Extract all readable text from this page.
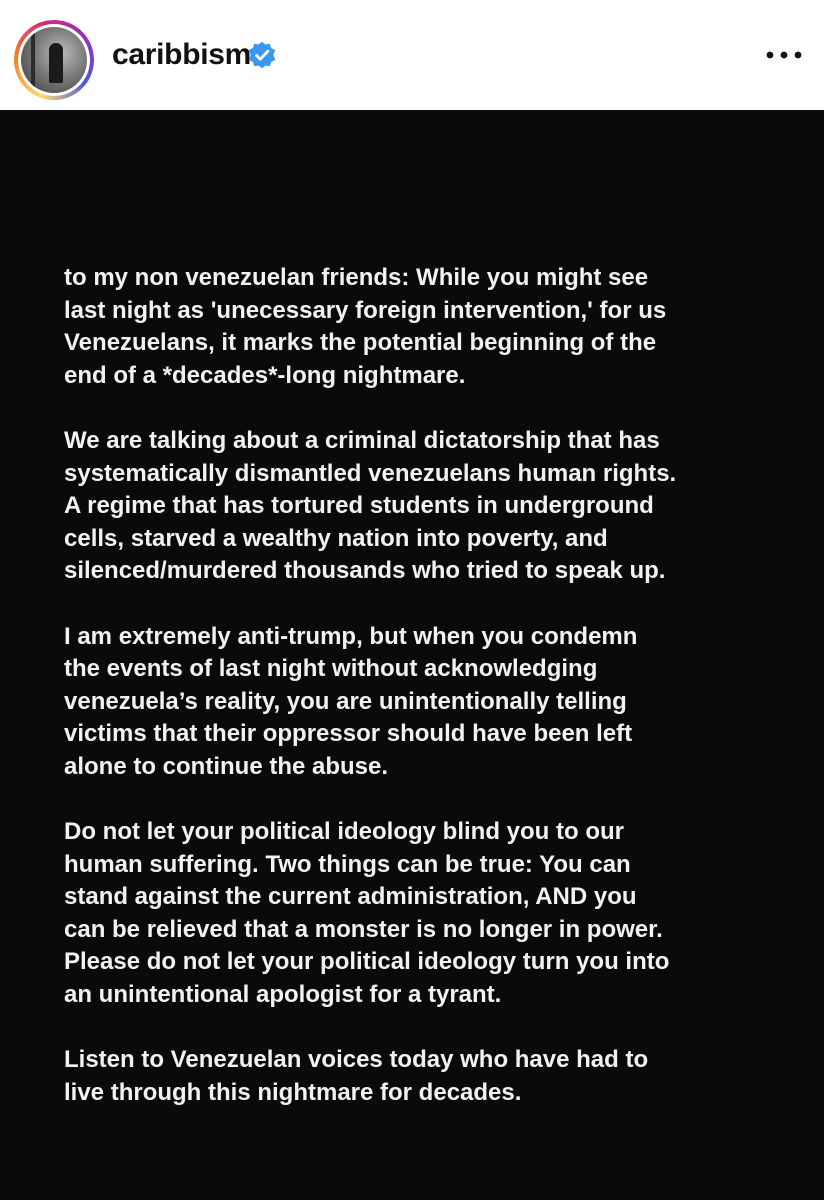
caribbism
to my non venezuelan friends: While you might see
last night as 'unecessary foreign intervention,' for us
Venezuelans, it marks the potential beginning of the
end of a *decades*-long nightmare.
We are talking about a criminal dictatorship that has
systematically dismantled venezuelans human rights.
A regime that has tortured students in underground
cells, starved a wealthy nation into poverty, and
silenced/murdered thousands who tried to speak up.
I am extremely anti-trump, but when you condemn
the events of last night without acknowledging
venezuela’s reality, you are unintentionally telling
victims that their oppressor should have been left
alone to continue the abuse.
Do not let your political ideology blind you to our
human suffering. Two things can be true: You can
stand against the current administration, AND you
can be relieved that a monster is no longer in power.
Please do not let your political ideology turn you into
an unintentional apologist for a tyrant.
Listen to Venezuelan voices today who have had to
live through this nightmare for decades.
